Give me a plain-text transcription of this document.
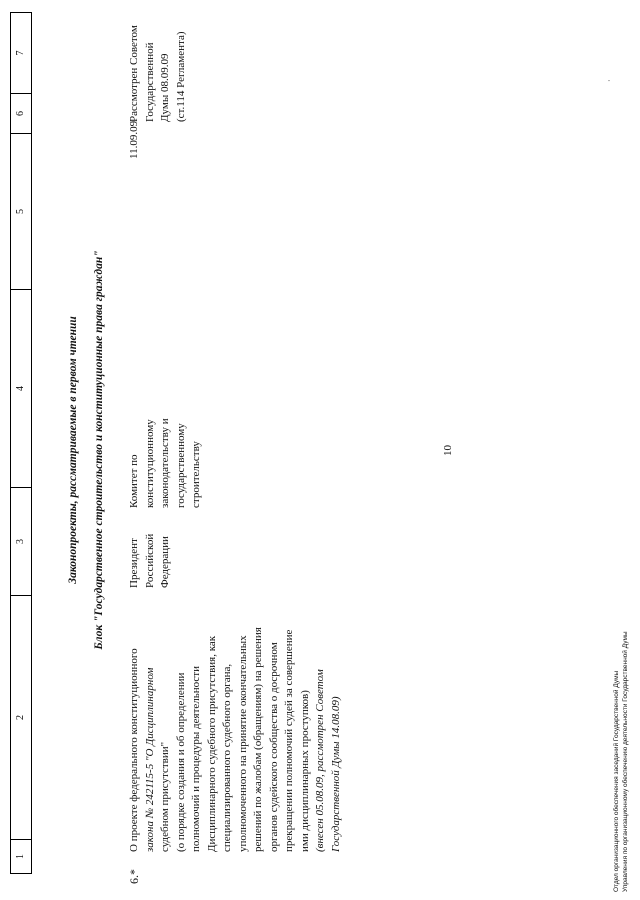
10
1
2
3
4
5
6
7
Законопроекты, рассматриваемые в первом чтении Блок "Государственное строительство и конституционные права граждан"
6.*
О проекте федерального конституционного закона № 242115-5 "О Дисциплинарном судебном присутствии" (о порядке создания и об определении полномочий и процедуры деятельности Дисциплинарного судебного присутствия, как специализированного судебного органа, уполномоченного на принятие окончательных решений по жалобам (обращениям) на решения органов судейского сообщества о досрочном прекращении полномочий судей за совершение ими дисциплинарных проступков) (внесен 05.08.09, рассмотрен Советом Государственной Думы 14.08.09)
Президент Российской Федерации
Комитет по конституционному законодательству и государственному строительству
11.09.09
Рассмотрен Советом Государственной Думы 08.09.09 (ст.114 Регламента)	·
Отдел организационного обеспечения заседаний Государственной Думы Управления по организационному обеспечению деятельности Государственной Думы
